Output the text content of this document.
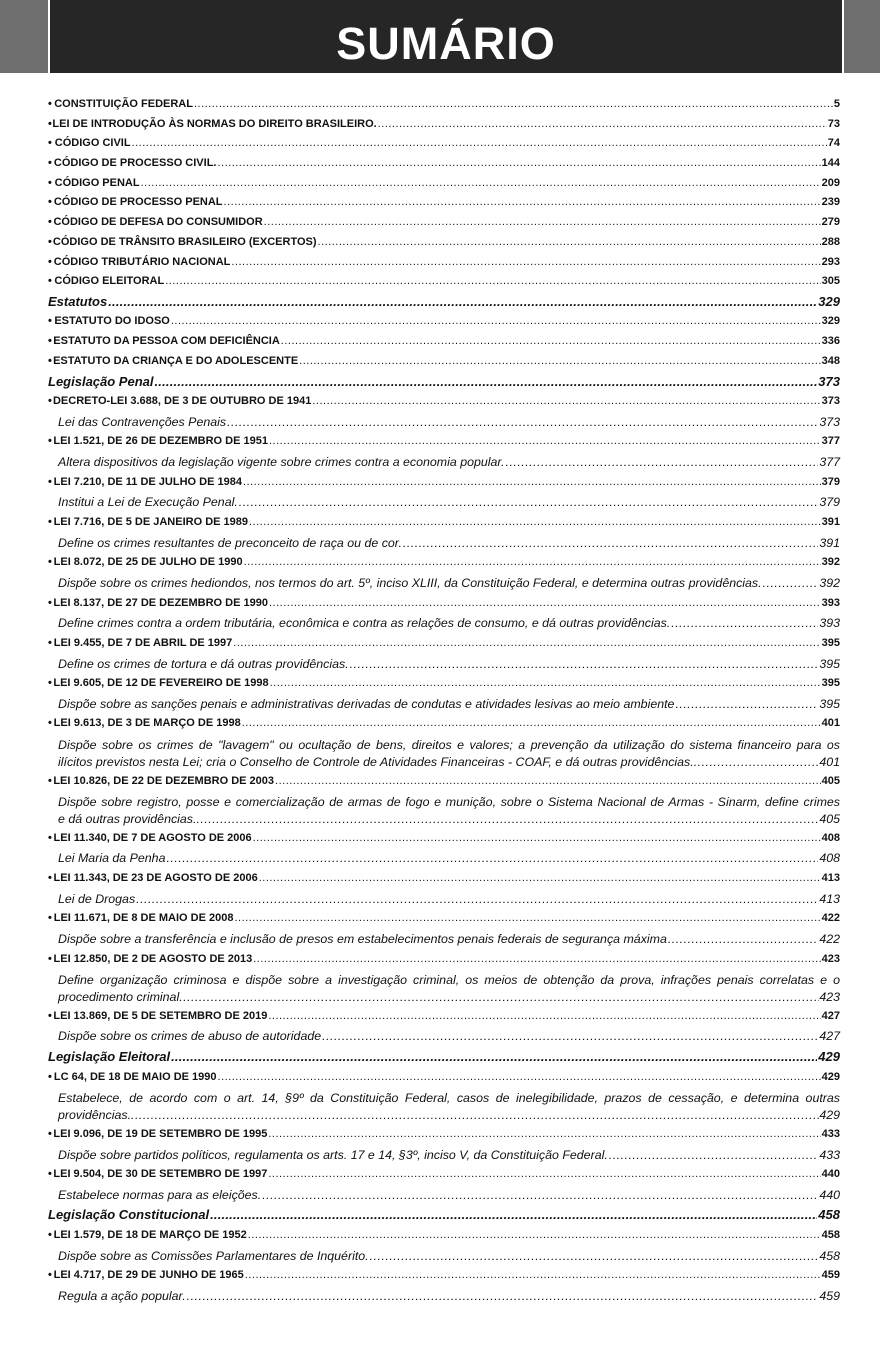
SUMÁRIO
• CONSTITUIÇÃO FEDERAL .....	5
• LEI DE INTRODUÇÃO ÀS NORMAS DO DIREITO BRASILEIRO. .....	73
• CÓDIGO CIVIL .....	74
• CÓDIGO DE PROCESSO CIVIL. .....	144
• CÓDIGO PENAL .....	209
• CÓDIGO DE PROCESSO PENAL .....	239
• CÓDIGO DE DEFESA DO CONSUMIDOR .....	279
• CÓDIGO DE TRÂNSITO BRASILEIRO (EXCERTOS) .....	288
• CÓDIGO TRIBUTÁRIO NACIONAL .....	293
• CÓDIGO ELEITORAL .....	305
Estatutos .....	329
• ESTATUTO DO IDOSO .....	329
• ESTATUTO DA PESSOA COM DEFICIÊNCIA .....	336
• ESTATUTO DA CRIANÇA E DO ADOLESCENTE .....	348
Legislação Penal .....	373
• DECRETO-LEI 3.688, DE 3 DE OUTUBRO DE 1941 .....	373
Lei das Contravenções Penais .....	373
• LEI 1.521, DE 26 DE DEZEMBRO DE 1951 .....	377
Altera dispositivos da legislação vigente sobre crimes contra a economia popular. .....	377
• LEI 7.210, DE 11 DE JULHO DE 1984 .....	379
Institui a Lei de Execução Penal. .....	379
• LEI 7.716, DE 5 DE JANEIRO DE 1989 .....	391
Define os crimes resultantes de preconceito de raça ou de cor. .....	391
• LEI 8.072, DE 25 DE JULHO DE 1990 .....	392
Dispõe sobre os crimes hediondos, nos termos do art. 5º, inciso XLIII, da Constituição Federal, e determina outras providências. .....	392
• LEI 8.137, DE 27 DE DEZEMBRO DE 1990 .....	393
Define crimes contra a ordem tributária, econômica e contra as relações de consumo, e dá outras providências. .....	393
• LEI 9.455, DE 7 DE ABRIL DE 1997 .....	395
Define os crimes de tortura e dá outras providências. .....	395
• LEI 9.605, DE 12 DE FEVEREIRO DE 1998 .....	395
Dispõe sobre as sanções penais e administrativas derivadas de condutas e atividades lesivas ao meio ambiente .....	395
• LEI 9.613, DE 3 DE MARÇO DE 1998 .....	401
Dispõe sobre os crimes de "lavagem" ou ocultação de bens, direitos e valores; a prevenção da utilização do sistema financeiro para os
ilícitos previstos nesta Lei; cria o Conselho de Controle de Atividades Financeiras - COAF, e dá outras providências. .....	401
• LEI 10.826, DE 22 DE DEZEMBRO DE 2003 .....	405
Dispõe sobre registro, posse e comercialização de armas de fogo e munição, sobre o Sistema Nacional de Armas - Sinarm, define crimes
e dá outras providências. .....	405
• LEI 11.340, DE 7 DE AGOSTO DE 2006 .....	408
Lei Maria da Penha .....	408
• LEI 11.343, DE 23 DE AGOSTO DE 2006 .....	413
Lei de Drogas .....	413
• LEI 11.671, DE 8 DE MAIO DE 2008 .....	422
Dispõe sobre a transferência e inclusão de presos em estabelecimentos penais federais de segurança máxima .....	422
• LEI 12.850, DE 2 DE AGOSTO DE 2013 .....	423
Define organização criminosa e dispõe sobre a investigação criminal, os meios de obtenção da prova, infrações penais correlatas e o
procedimento criminal .....	423
• LEI 13.869, DE 5 DE SETEMBRO DE 2019 .....	427
Dispõe sobre os crimes de abuso de autoridade .....	427
Legislação Eleitoral .....	429
• LC 64, DE 18 DE MAIO DE 1990 .....	429
Estabelece, de acordo com o art. 14, §9º da Constituição Federal, casos de inelegibilidade, prazos de cessação, e determina outras
providências. .....	429
• LEI 9.096, DE 19 DE SETEMBRO DE 1995 .....	433
Dispõe sobre partidos políticos, regulamenta os arts. 17 e 14, §3º, inciso V, da Constituição Federal. .....	433
• LEI 9.504, DE 30 DE SETEMBRO DE 1997 .....	440
Estabelece normas para as eleições. .....	440
Legislação Constitucional .....	458
• LEI 1.579, DE 18 DE MARÇO DE 1952 .....	458
Dispõe sobre as Comissões Parlamentares de Inquérito. .....	458
• LEI 4.717, DE 29 DE JUNHO DE 1965 .....	459
Regula a ação popular. .....	459
